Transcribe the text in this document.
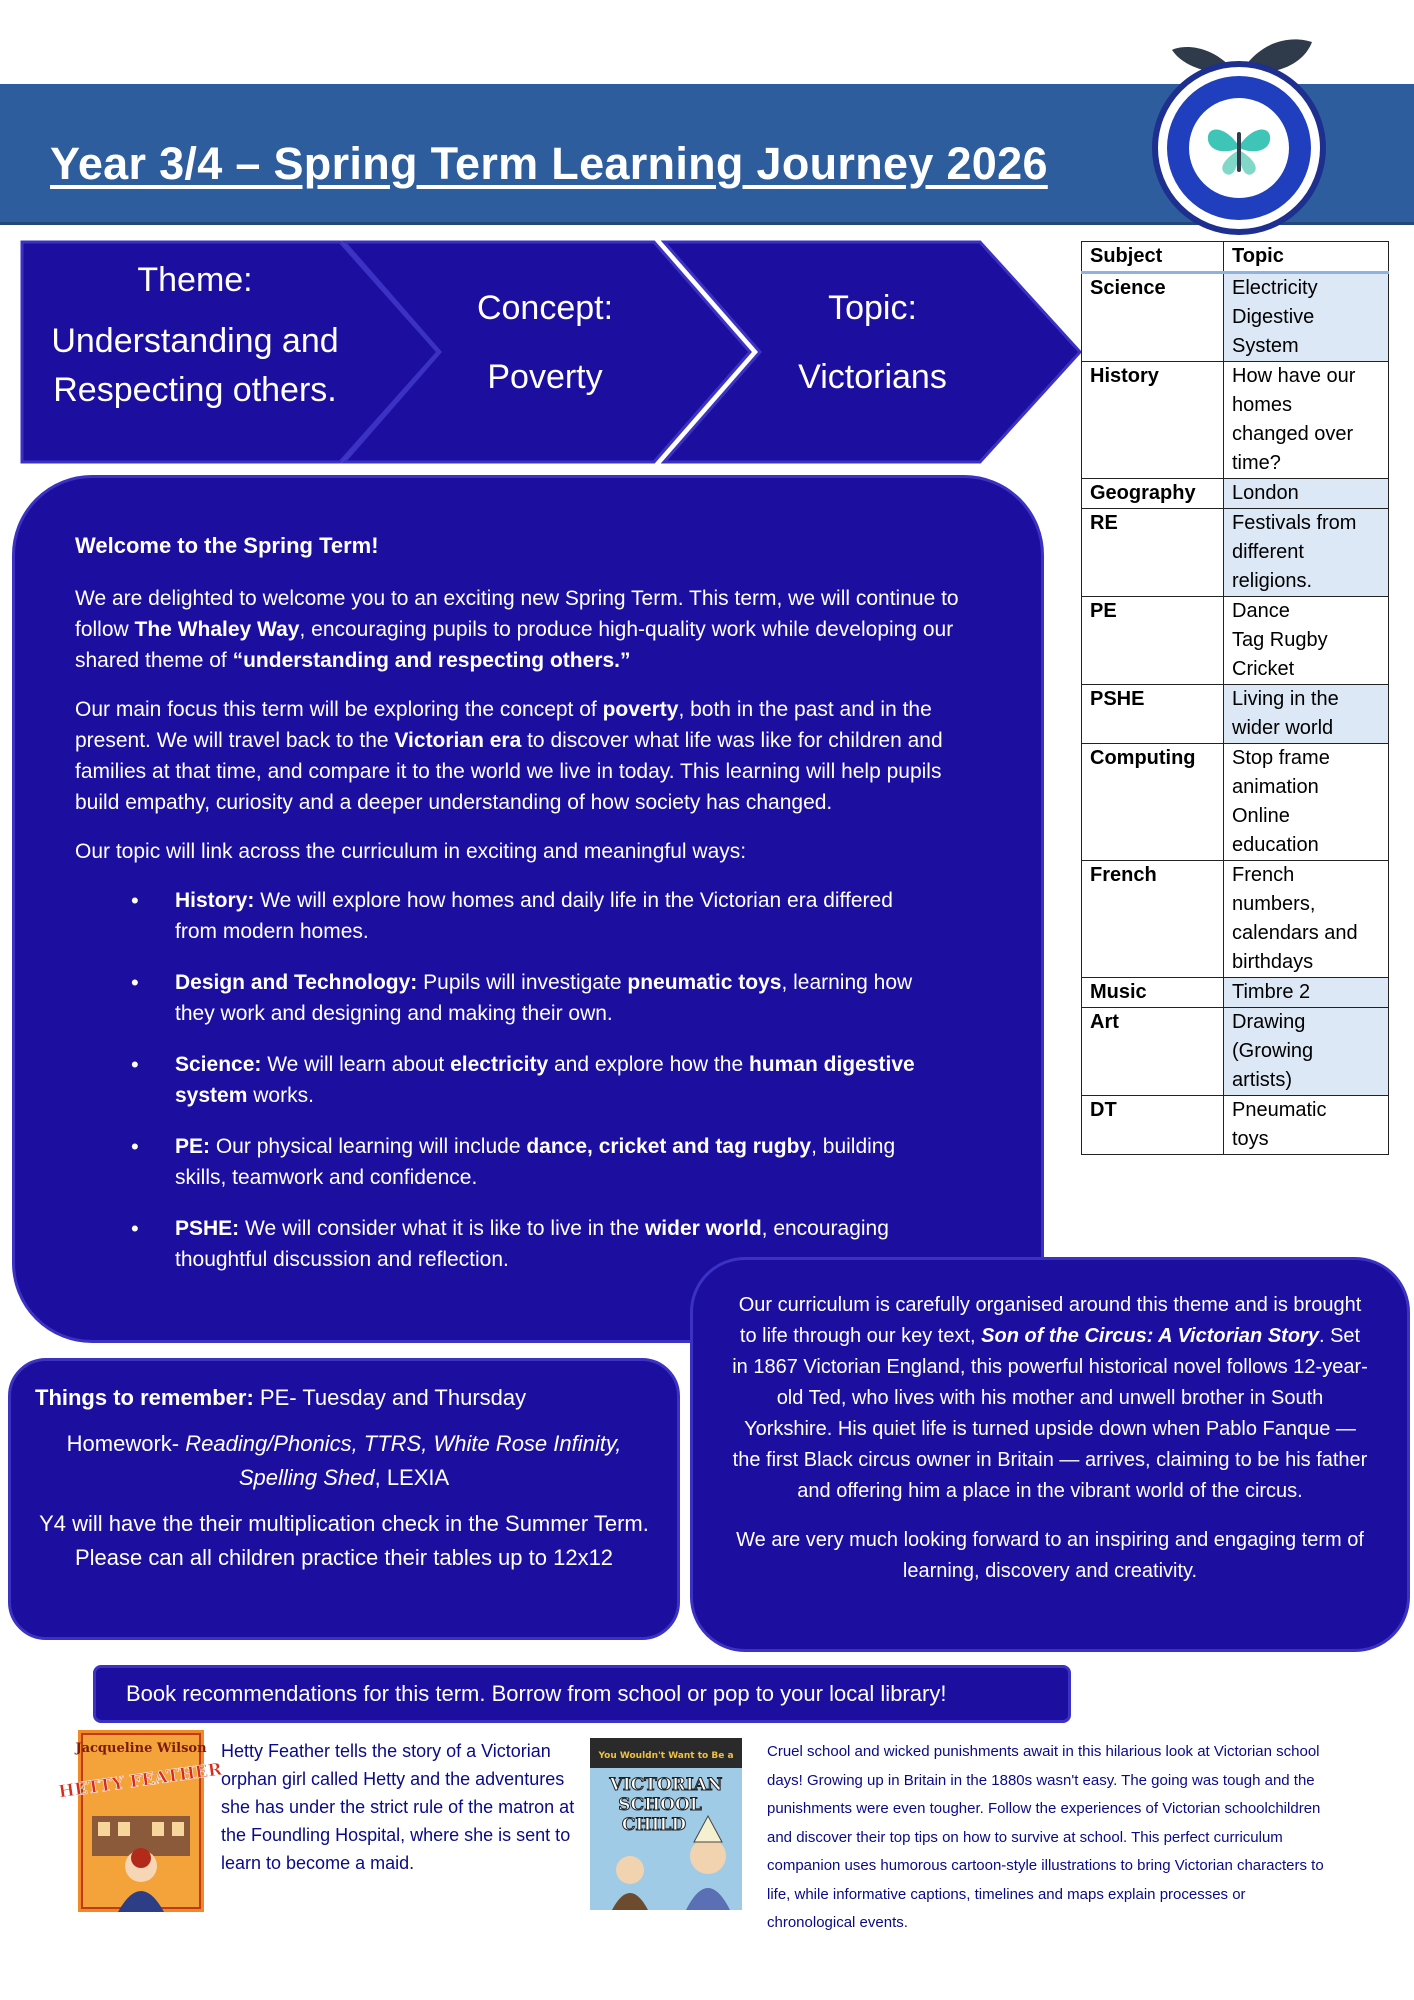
Year 3/4 – Spring Term Learning Journey 2026
Theme:
Understanding and Respecting others.
Concept:
Poverty
Topic:
Victorians
Subject	Topic
Science	Electricity
Digestive
System

History	How have our
homes
changed over
time?

Geography	London

RE	Festivals from
different
religions.

PE	Dance
Tag Rugby
Cricket

PSHE	Living in the
wider world

Computing	Stop frame
animation
Online
education

French	French
numbers,
calendars and
birthdays

Music	Timbre 2

Art	Drawing
(Growing
artists)

DT	Pneumatic
toys
Welcome to the Spring Term!

We are delighted to welcome you to an exciting new Spring Term. This term, we will continue to follow The Whaley Way, encouraging pupils to produce high-quality work while developing our shared theme of “understanding and respecting others.”

Our main focus this term will be exploring the concept of poverty, both in the past and in the present. We will travel back to the Victorian era to discover what life was like for children and families at that time, and compare it to the world we live in today. This learning will help pupils build empathy, curiosity and a deeper understanding of how society has changed.

Our topic will link across the curriculum in exciting and meaningful ways:

• History: We will explore how homes and daily life in the Victorian era differed from modern homes.
• Design and Technology: Pupils will investigate pneumatic toys, learning how they work and designing and making their own.
• Science: We will learn about electricity and explore how the human digestive system works.
• PE: Our physical learning will include dance, cricket and tag rugby, building skills, teamwork and confidence.
• PSHE: We will consider what it is like to live in the wider world, encouraging thoughtful discussion and reflection.
Things to remember: PE- Tuesday and Thursday
Homework- Reading/Phonics, TTRS, White Rose Infinity, Spelling Shed, LEXIA
Y4 will have the their multiplication check in the Summer Term. Please can all children practice their tables up to 12x12

Our curriculum is carefully organised around this theme and is brought to life through our key text, Son of the Circus: A Victorian Story. Set in 1867 Victorian England, this powerful historical novel follows 12-year-old Ted, who lives with his mother and unwell brother in South Yorkshire. His quiet life is turned upside down when Pablo Fanque — the first Black circus owner in Britain — arrives, claiming to be his father and offering him a place in the vibrant world of the circus.

We are very much looking forward to an inspiring and engaging term of learning, discovery and creativity.

Book recommendations for this term. Borrow from school or pop to your local library!
Jacqueline Wilson
HETTY FEATHER
Hetty Feather tells the story of a Victorian orphan girl called Hetty and the adventures she has under the strict rule of the matron at the Foundling Hospital, where she is sent to learn to become a maid.
You Wouldn't Want to Be a
VICTORIAN
SCHOOL
CHILD
Cruel school and wicked punishments await in this hilarious look at Victorian school days! Growing up in Britain in the 1880s wasn't easy. The going was tough and the punishments were even tougher. Follow the experiences of Victorian schoolchildren and discover their top tips on how to survive at school. This perfect curriculum companion uses humorous cartoon-style illustrations to bring Victorian characters to life, while informative captions, timelines and maps explain processes or chronological events.
